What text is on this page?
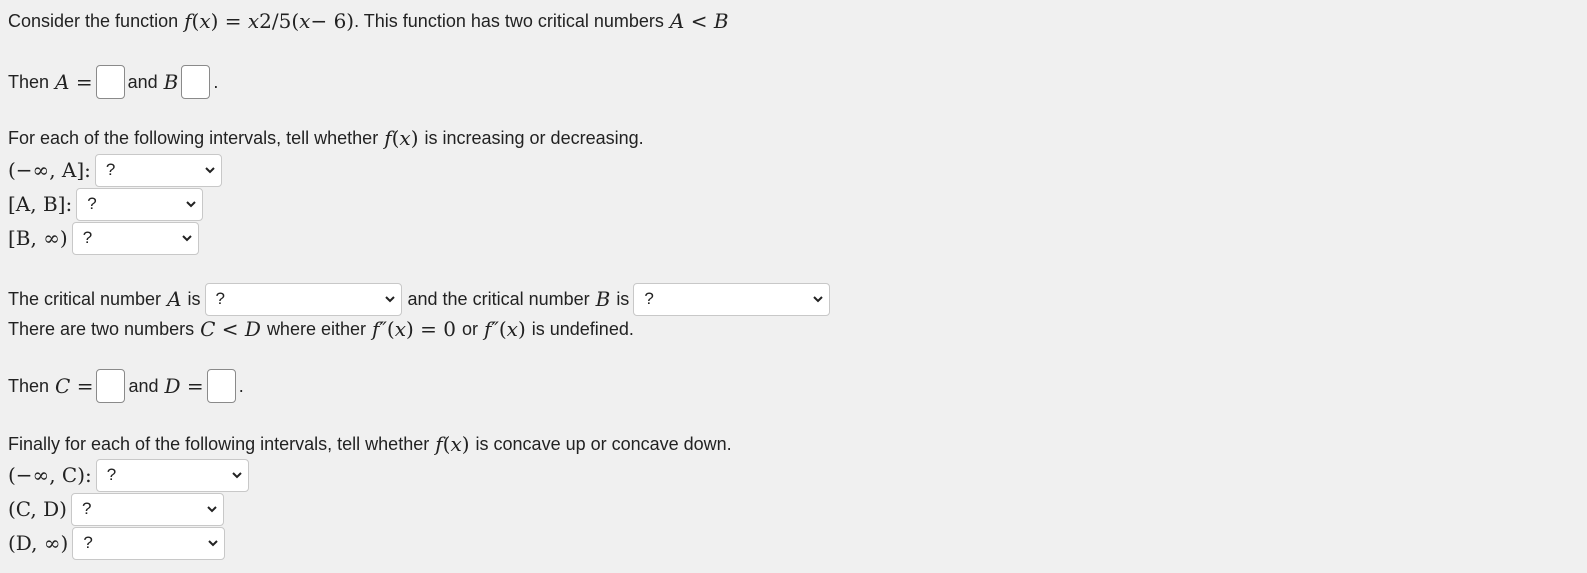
Consider the function f ( x ) = x 2/5 ( x − 6) . This function has two critical numbers A < B
Then A = and B .
For each of the following intervals, tell whether f ( x ) is increasing or decreasing.
(−∞, A]: ?
[A, B]: ?
[B, ∞) ?
The critical number A is ?	and the critical number B is ?
There are two numbers C < D where either f″ ( x ) = 0 or f″ ( x ) is undefined.
Then C = and D = .
Finally for each of the following intervals, tell whether f ( x ) is concave up or concave down.
(−∞, C): ?
(C, D) ?
(D, ∞) ?
